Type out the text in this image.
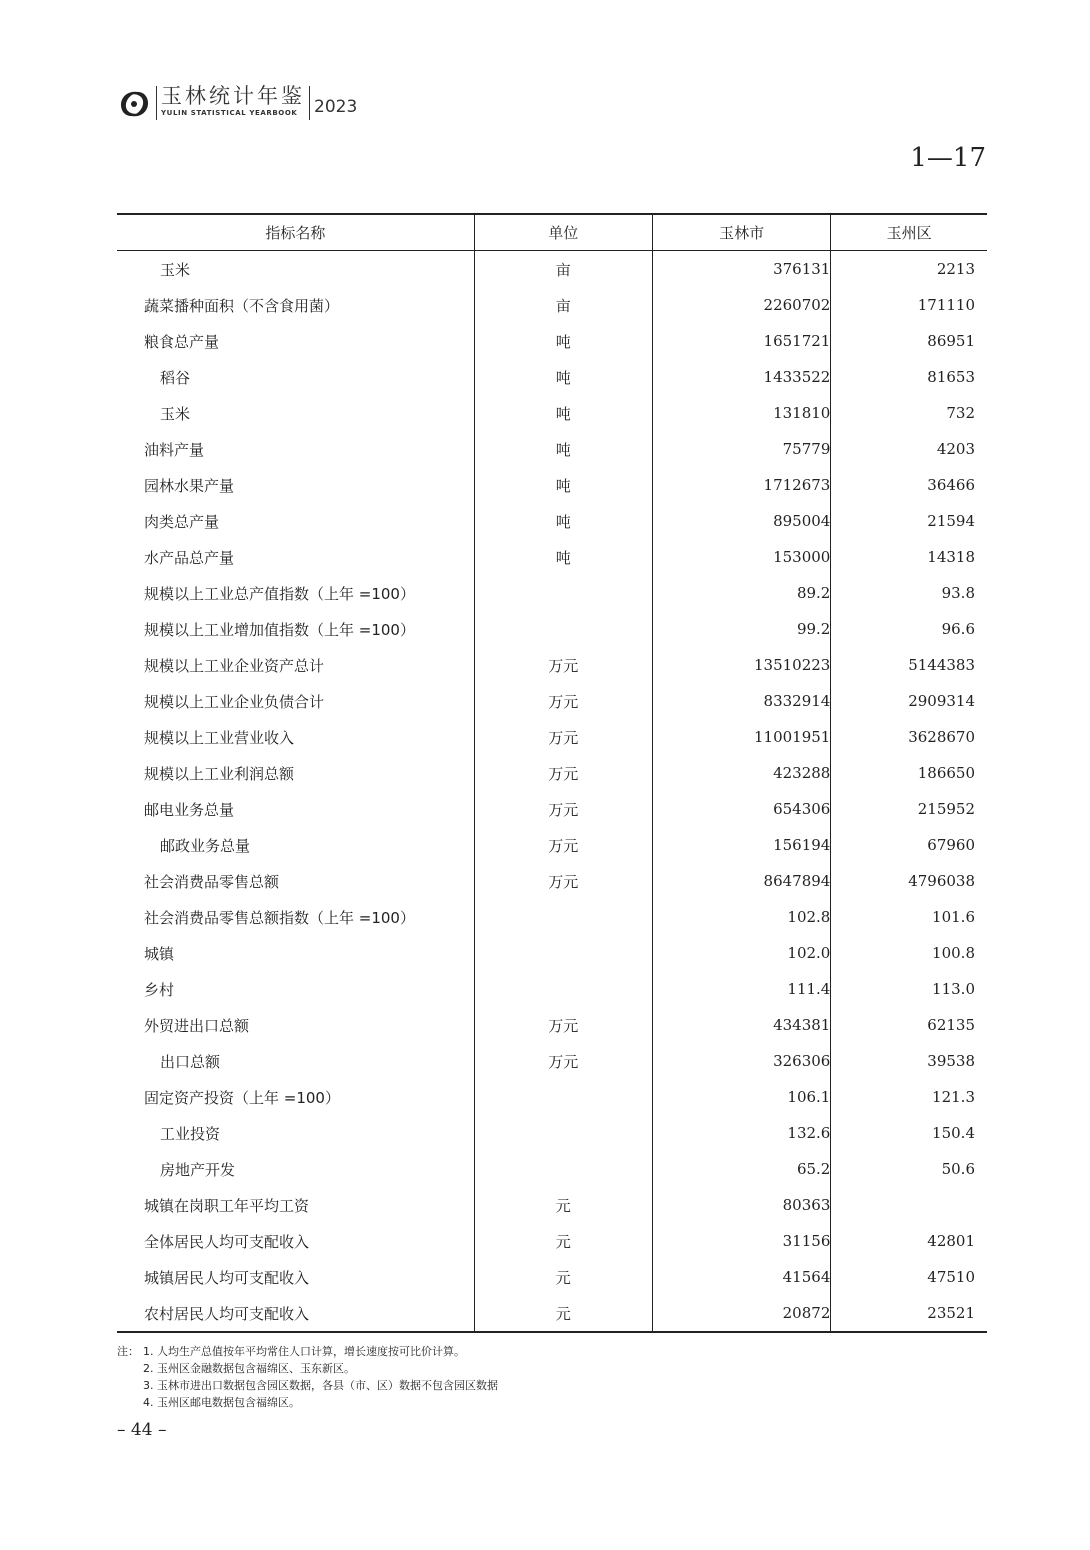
玉林统计年鉴
YULIN STATISTICAL YEARBOOK 2023
1—17
指标名称	单位	玉林市	玉州区
玉米	亩	376131	2213
蔬菜播种面积（不含食用菌）	亩	2260702	171110
粮食总产量	吨	1651721	86951
稻谷	吨	1433522	81653
玉米	吨	131810	732
油料产量	吨	75779	4203
园林水果产量	吨	1712673	36466
肉类总产量	吨	895004	21594
水产品总产量	吨	153000	14318
规模以上工业总产值指数（上年 =100）		89.2	93.8
规模以上工业增加值指数（上年 =100）		99.2	96.6
规模以上工业企业资产总计	万元	13510223	5144383
规模以上工业企业负债合计	万元	8332914	2909314
规模以上工业营业收入	万元	11001951	3628670
规模以上工业利润总额	万元	423288	186650
邮电业务总量	万元	654306	215952
邮政业务总量	万元	156194	67960
社会消费品零售总额	万元	8647894	4796038
社会消费品零售总额指数（上年 =100）		102.8	101.6
城镇		102.0	100.8
乡村		111.4	113.0
外贸进出口总额	万元	434381	62135
出口总额	万元	326306	39538
固定资产投资（上年 =100）		106.1	121.3
工业投资		132.6	150.4
房地产开发		65.2	50.6
城镇在岗职工年平均工资	元	80363	
全体居民人均可支配收入	元	31156	42801
城镇居民人均可支配收入	元	41564	47510
农村居民人均可支配收入	元	20872	23521
注： 1. 人均生产总值按年平均常住人口计算，增长速度按可比价计算。
2. 玉州区金融数据包含福绵区、玉东新区。
3. 玉林市进出口数据包含园区数据，各县（市、区）数据不包含园区数据
4. 玉州区邮电数据包含福绵区。
– 44 –
